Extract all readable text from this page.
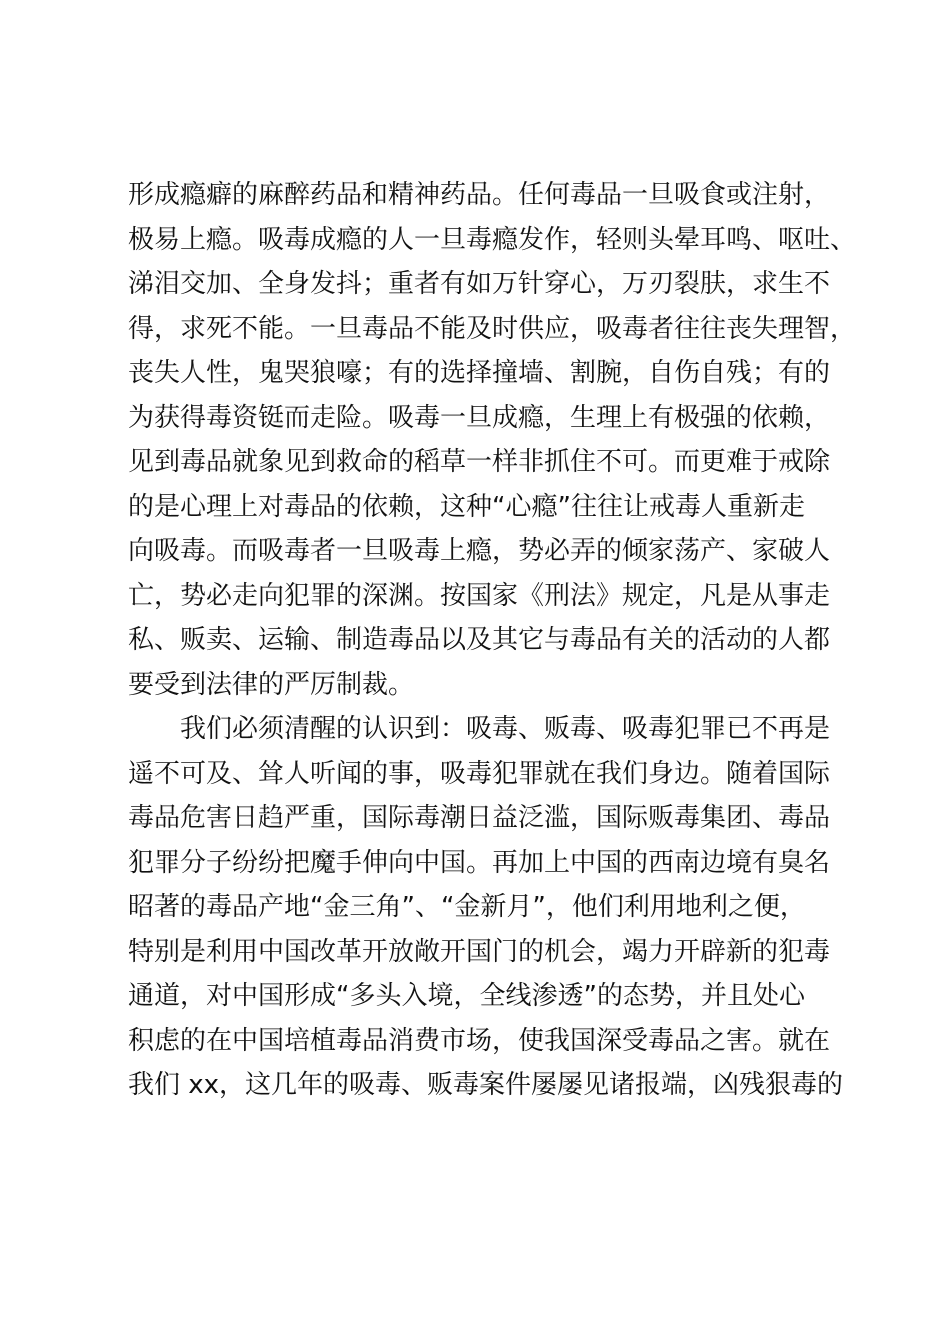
形成瘾癖的麻醉药品和精神药品。任何毒品一旦吸食或注射，
极易上瘾。吸毒成瘾的人一旦毒瘾发作，轻则头晕耳鸣、呕吐、
涕泪交加、全身发抖；重者有如万针穿心，万刃裂肤，求生不
得，求死不能。一旦毒品不能及时供应，吸毒者往往丧失理智，
丧失人性，鬼哭狼嚎；有的选择撞墙、割腕，自伤自残；有的
为获得毒资铤而走险。吸毒一旦成瘾，生理上有极强的依赖，
见到毒品就象见到救命的稻草一样非抓住不可。而更难于戒除
的是心理上对毒品的依赖，这种“心瘾”往往让戒毒人重新走
向吸毒。而吸毒者一旦吸毒上瘾，势必弄的倾家荡产、家破人
亡，势必走向犯罪的深渊。按国家《刑法》规定，凡是从事走
私、贩卖、运输、制造毒品以及其它与毒品有关的活动的人都
要受到法律的严厉制裁。
我们必须清醒的认识到：吸毒、贩毒、吸毒犯罪已不再是
遥不可及、耸人听闻的事，吸毒犯罪就在我们身边。随着国际
毒品危害日趋严重，国际毒潮日益泛滥，国际贩毒集团、毒品
犯罪分子纷纷把魔手伸向中国。再加上中国的西南边境有臭名
昭著的毒品产地“金三角”、“金新月”，他们利用地利之便，
特别是利用中国改革开放敞开国门的机会，竭力开辟新的犯毒
通道，对中国形成“多头入境，全线渗透”的态势，并且处心
积虑的在中国培植毒品消费市场，使我国深受毒品之害。就在
我们 xx，这几年的吸毒、贩毒案件屡屡见诸报端，凶残狠毒的
